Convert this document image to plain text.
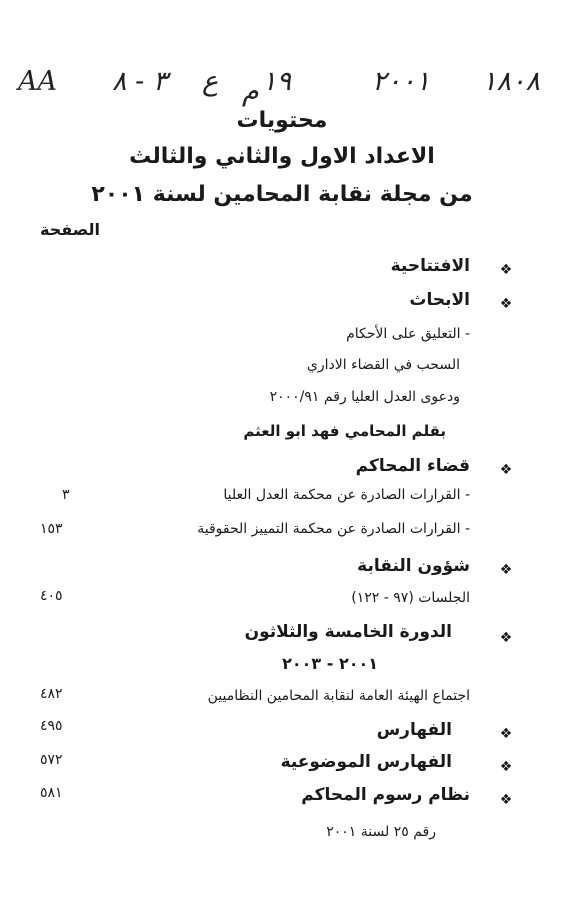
AA ٣ - ٨ ع ١٩
م	٢٠٠١ ١٨٠٨
محتويات
الاعداد الاول والثاني والثالث
من مجلة نقابة المحامين لسنة ٢٠٠١
الصفحة
❖
الافتتاحية
❖
الابحاث
- التعليق على الأحكام
السحب في القضاء الاداري
ودعوى العدل العليا رقم ٢٠٠٠/٩١
بقلم المحامي فهد ابو العثم
❖
قضاء المحاكم
- القرارات الصادرة عن محكمة العدل العليا
٣
- القرارات الصادرة عن محكمة التمييز الحقوقية
١٥٣
❖
شؤون النقابة
الجلسات (٩٧ - ١٢٢)
٤٠٥
❖
الدورة الخامسة والثلاثون
٢٠٠١ - ٢٠٠٣
اجتماع الهيئة العامة لنقابة المحامين النظاميين
٤٨٢
❖
الفهارس
٤٩٥
❖
الفهارس الموضوعية
٥٧٢
❖
نظام رسوم المحاكم
٥٨١
رقم ٢٥ لسنة ٢٠٠١
